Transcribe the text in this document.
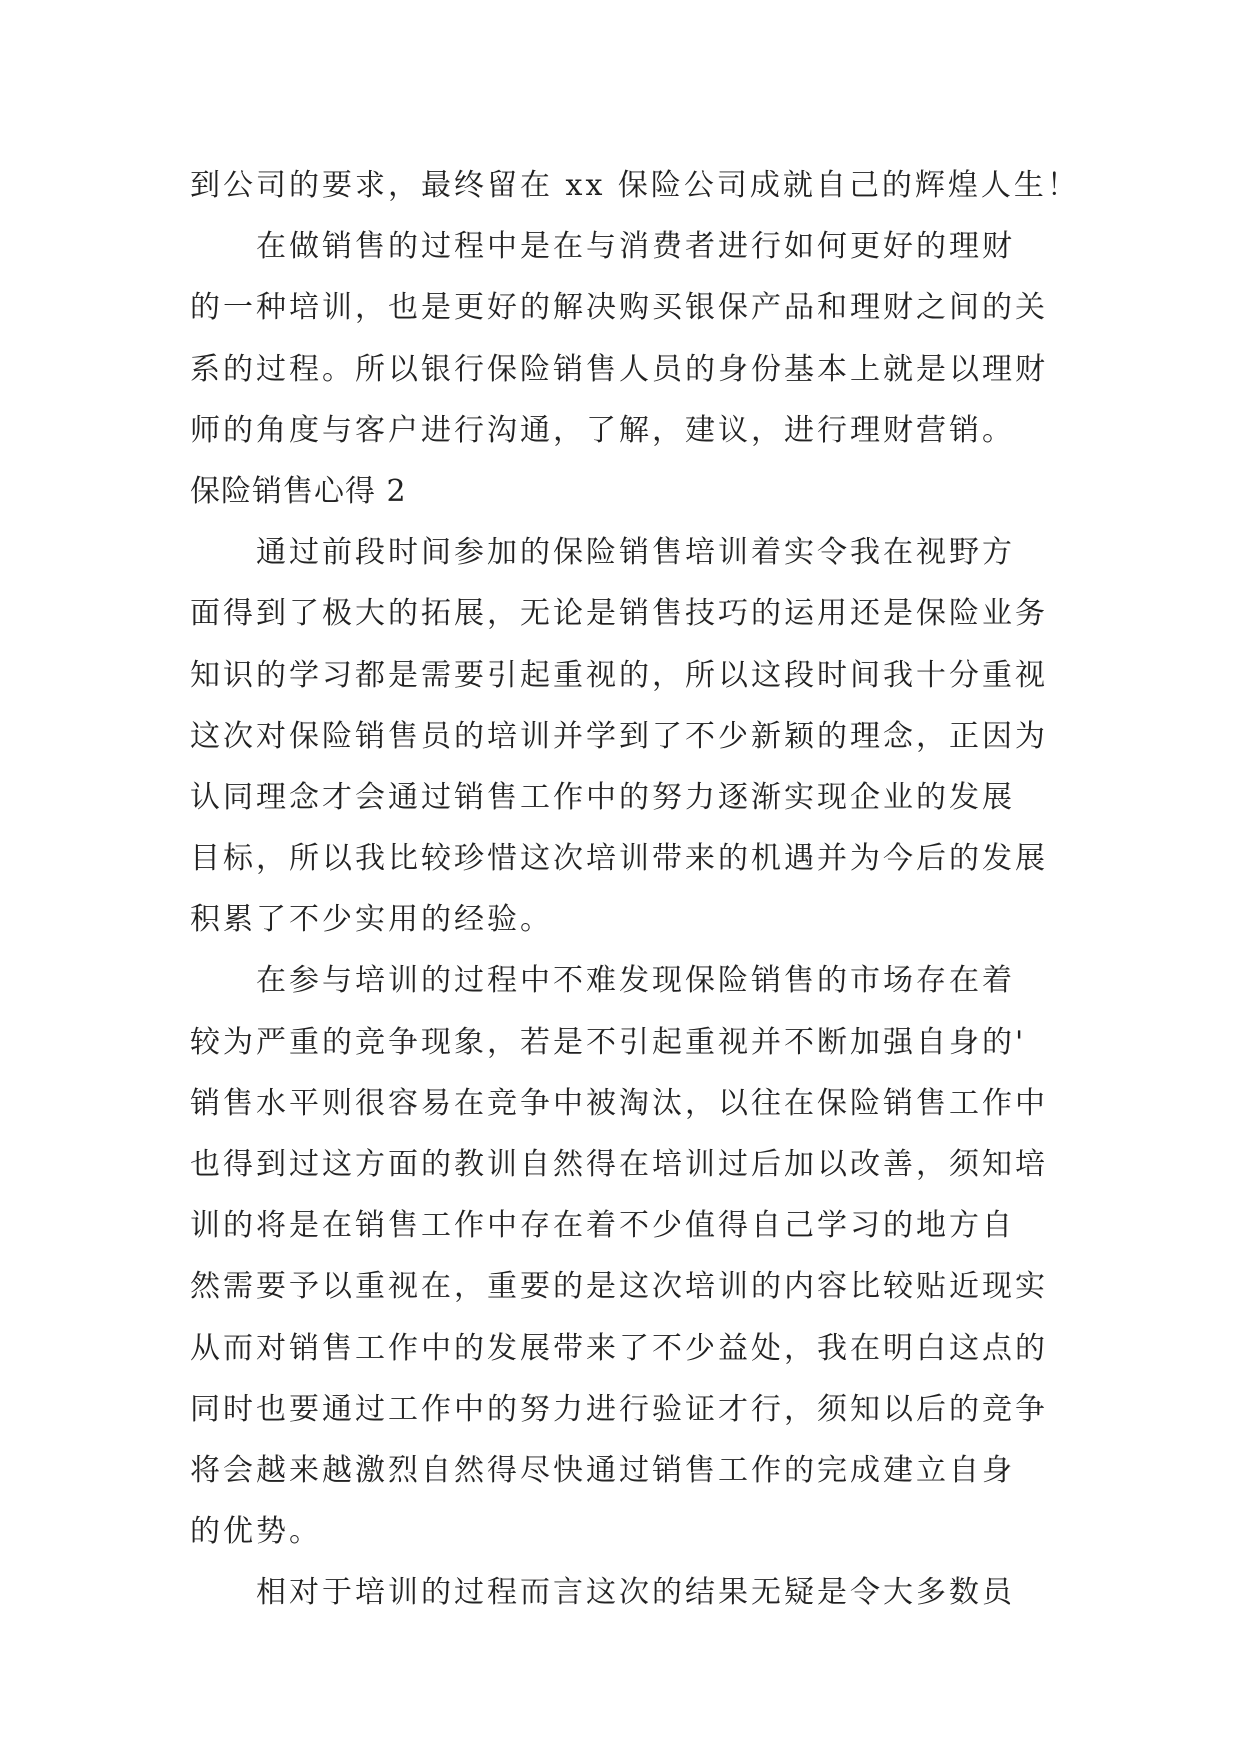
到公司的要求，最终留在 xx 保险公司成就自己的辉煌人生！
在做销售的过程中是在与消费者进行如何更好的理财
的一种培训，也是更好的解决购买银保产品和理财之间的关
系的过程。所以银行保险销售人员的身份基本上就是以理财
师的角度与客户进行沟通，了解，建议，进行理财营销。
保险销售心得 2
通过前段时间参加的保险销售培训着实令我在视野方
面得到了极大的拓展，无论是销售技巧的运用还是保险业务
知识的学习都是需要引起重视的，所以这段时间我十分重视
这次对保险销售员的培训并学到了不少新颖的理念，正因为
认同理念才会通过销售工作中的努力逐渐实现企业的发展
目标，所以我比较珍惜这次培训带来的机遇并为今后的发展
积累了不少实用的经验。
在参与培训的过程中不难发现保险销售的市场存在着
较为严重的竞争现象，若是不引起重视并不断加强自身的'
销售水平则很容易在竞争中被淘汰，以往在保险销售工作中
也得到过这方面的教训自然得在培训过后加以改善，须知培
训的将是在销售工作中存在着不少值得自己学习的地方自
然需要予以重视在，重要的是这次培训的内容比较贴近现实
从而对销售工作中的发展带来了不少益处，我在明白这点的
同时也要通过工作中的努力进行验证才行，须知以后的竞争
将会越来越激烈自然得尽快通过销售工作的完成建立自身
的优势。
相对于培训的过程而言这次的结果无疑是令大多数员
